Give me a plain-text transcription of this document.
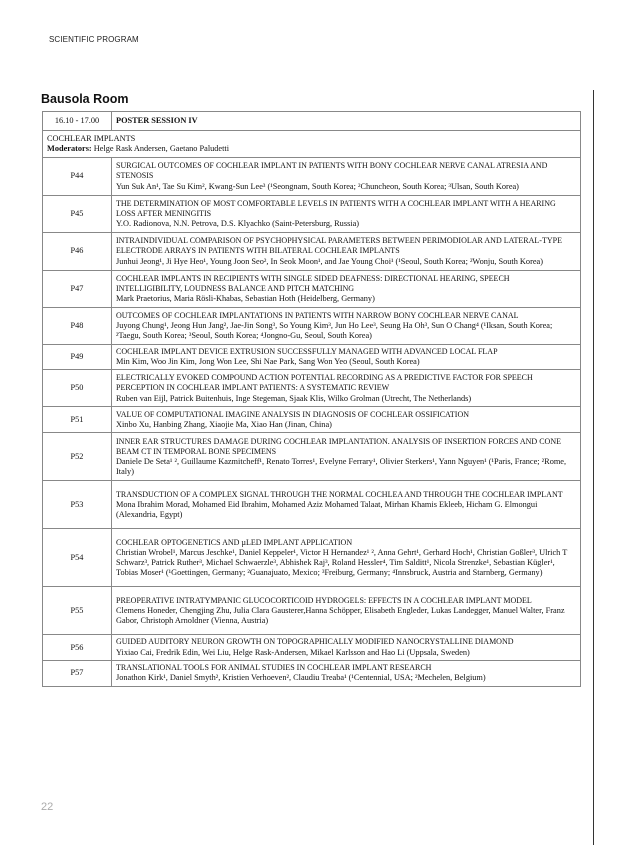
SCIENTIFIC PROGRAM
Bausola Room
16.10 - 17.00	POSTER SESSION IV

COCHLEAR IMPLANTS
Moderators: Helge Rask Andersen, Gaetano Paludetti	

P44	SURGICAL OUTCOMES OF COCHLEAR IMPLANT IN PATIENTS WITH BONY COCHLEAR NERVE CANAL ATRESIA AND STENOSIS
Yun Suk An¹, Tae Su Kim², Kwang-Sun Lee³ (¹Seongnam, South Korea; ²Chuncheon, South Korea; ³Ulsan, South Korea)

P45	THE DETERMINATION OF MOST COMFORTABLE LEVELS IN PATIENTS WITH A COCHLEAR IMPLANT WITH A HEARING LOSS AFTER MENINGITIS
Y.O. Radionova, N.N. Petrova, D.S. Klyachko (Saint-Petersburg, Russia)

P46	INTRAINDIVIDUAL COMPARISON OF PSYCHOPHYSICAL PARAMETERS BETWEEN PERIMODIOLAR AND LATERAL-TYPE ELECTRODE ARRAYS IN PATIENTS WITH BILATERAL COCHLEAR IMPLANTS
Junhui Jeong¹, Ji Hye Heo¹, Young Joon Seo², In Seok Moon¹, and Jae Young Choi¹ (¹Seoul, South Korea; ²Wonju, South Korea)

P47	COCHLEAR IMPLANTS IN RECIPIENTS WITH SINGLE SIDED DEAFNESS: DIRECTIONAL HEARING, SPEECH INTELLIGIBILITY, LOUDNESS BALANCE AND PITCH MATCHING
Mark Praetorius, Maria Rösli-Khabas, Sebastian Hoth (Heidelberg, Germany)

P48	OUTCOMES OF COCHLEAR IMPLANTATIONS IN PATIENTS WITH NARROW BONY COCHLEAR NERVE CANAL
Juyong Chung¹, Jeong Hun Jang², Jae-Jin Song³, So Young Kim³, Jun Ho Lee³, Seung Ha Oh³, Sun O Chang⁴ (¹Iksan, South Korea; ²Taegu, South Korea; ³Seoul, South Korea; ⁴Jongno-Gu, Seoul, South Korea)

P49	COCHLEAR IMPLANT DEVICE EXTRUSION SUCCESSFULLY MANAGED WITH ADVANCED LOCAL FLAP
Min Kim, Woo Jin Kim, Jong Won Lee, Shi Nae Park, Sang Won Yeo (Seoul, South Korea)

P50	ELECTRICALLY EVOKED COMPOUND ACTION POTENTIAL RECORDING AS A PREDICTIVE FACTOR FOR SPEECH PERCEPTION IN COCHLEAR IMPLANT PATIENTS: A SYSTEMATIC REVIEW
Ruben van Eijl, Patrick Buitenhuis, Inge Stegeman, Sjaak Klis, Wilko Grolman (Utrecht, The Netherlands)

P51	VALUE OF COMPUTATIONAL IMAGINE ANALYSIS IN DIAGNOSIS OF COCHLEAR OSSIFICATION
Xinbo Xu, Hanbing Zhang, Xiaojie Ma, Xiao Han (Jinan, China)

P52	INNER EAR STRUCTURES DAMAGE DURING COCHLEAR IMPLANTATION. ANALYSIS OF INSERTION FORCES AND CONE BEAM CT IN TEMPORAL BONE SPECIMENS
Daniele De Seta¹ ², Guillaume Kazmitcheff¹, Renato Torres¹, Evelyne Ferrary¹, Olivier Sterkers¹, Yann Nguyen¹ (¹Paris, France; ²Rome, Italy)

P53	TRANSDUCTION OF A COMPLEX SIGNAL THROUGH THE NORMAL COCHLEA AND THROUGH THE COCHLEAR IMPLANT
Mona Ibrahim Morad, Mohamed Eid Ibrahim, Mohamed Aziz Mohamed Talaat, Mirhan Khamis Ekleeb, Hicham G. Elmongui (Alexandria, Egypt)

P54	COCHLEAR OPTOGENETICS AND µLED IMPLANT APPLICATION
Christian Wrobel¹, Marcus Jeschke¹, Daniel Keppeler¹, Victor H Hernandez¹ ², Anna Gehrt¹, Gerhard Hoch¹, Christian Goßler³, Ulrich T Schwarz³, Patrick Ruther³, Michael Schwaerzle³, Abhishek Raj³, Roland Hessler⁴, Tim Salditt¹, Nicola Strenzke¹, Sebastian Kügler¹, Tobias Moser¹ (¹Goettingen, Germany; ²Guanajuato, Mexico; ³Freiburg, Germany; ⁴Innsbruck, Austria and Starnberg, Germany)

P55	PREOPERATIVE INTRATYMPANIC GLUCOCORTICOID HYDROGELS: EFFECTS IN A COCHLEAR IMPLANT MODEL
Clemens Honeder, Chengjing Zhu, Julia Clara Gausterer,Hanna Schöpper, Elisabeth Engleder, Lukas Landegger, Manuel Walter, Franz Gabor, Christoph Arnoldner (Vienna, Austria)

P56	GUIDED AUDITORY NEURON GROWTH ON TOPOGRAPHICALLY MODIFIED NANOCRYSTALLINE DIAMOND
Yixiao Cai, Fredrik Edin, Wei Liu, Helge Rask-Andersen, Mikael Karlsson and Hao Li (Uppsala, Sweden)

P57	TRANSLATIONAL TOOLS FOR ANIMAL STUDIES IN COCHLEAR IMPLANT RESEARCH
Jonathon Kirk¹, Daniel Smyth², Kristien Verhoeven², Claudiu Treaba¹ (¹Centennial, USA; ²Mechelen, Belgium)
22
